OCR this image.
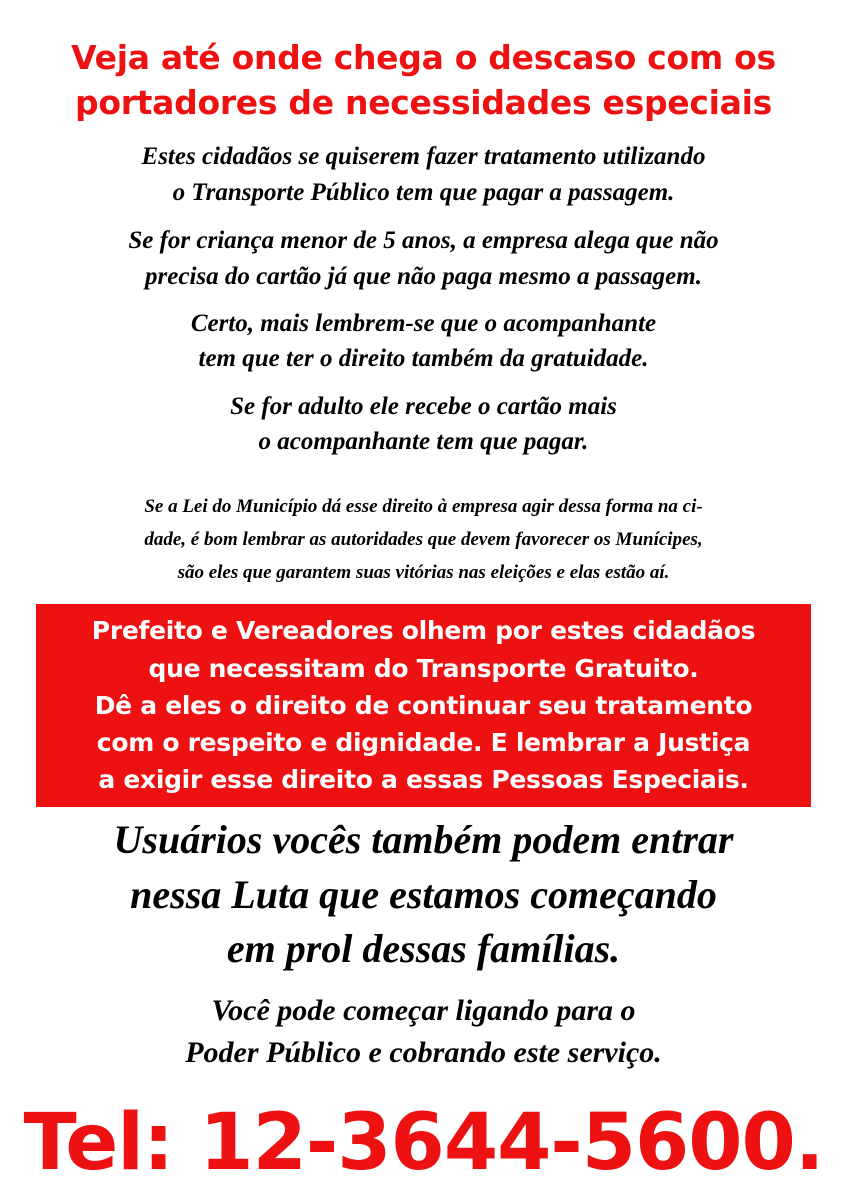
Veja até onde chega o descaso com os

portadores de necessidades especiais

Estes cidadãos se quiserem fazer tratamento utilizando

o Transporte Público tem que pagar a passagem.

Se for criança menor de 5 anos, a empresa alega que não

precisa do cartão já que não paga mesmo a passagem.

Certo, mais lembrem-se que o acompanhante

tem que ter o direito também da gratuidade.

Se for adulto ele recebe o cartão mais

o acompanhante tem que pagar.

Se a Lei do Município dá esse direito à empresa agir dessa forma na ci-

dade, é bom lembrar as autoridades que devem favorecer os Munícipes,

são eles que garantem suas vitórias nas eleições e elas estão aí.

Prefeito e Vereadores olhem por estes cidadãos

que necessitam do Transporte Gratuito.

Dê a eles o direito de continuar seu tratamento

com o respeito e dignidade. E lembrar a Justiça

a exigir esse direito a essas Pessoas Especiais.

Usuários vocês também podem entrar

nessa Luta que estamos começando

em prol dessas famílias.

Você pode começar ligando para o

Poder Público e cobrando este serviço.

Tel: 12-3644-5600.
